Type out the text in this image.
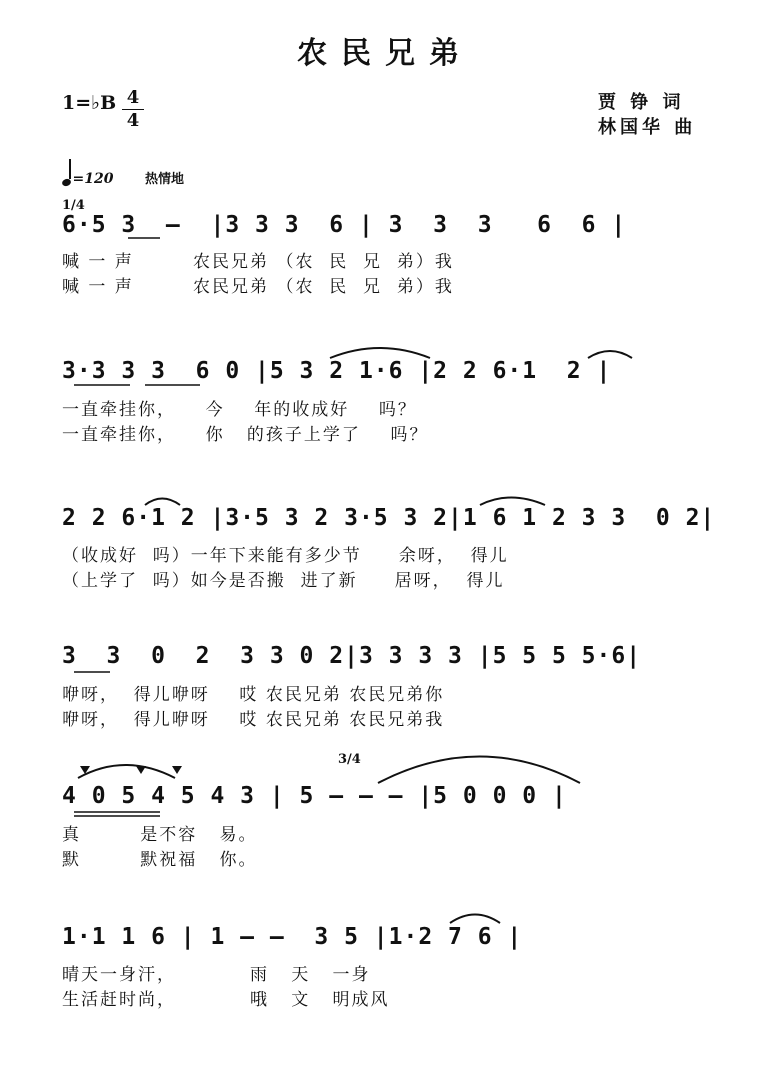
农民兄弟
1=♭B 4
4
贾 铮 词
林国华 曲
=120 热情地
6·5 3  —  |3 3 3  6 | 3  3  3   6  6 |
喊 一 声        农民兄弟 （农  民  兄  弟）我
喊 一 声        农民兄弟 （农  民  兄  弟）我
3·3 3 3  6 0 |5 3 2 1·6 |2 2 6·1  2 |
一直牵挂你，    今    年的收成好    吗？
一直牵挂你，    你   的孩子上学了    吗？
2 2 6·1 2 |3·5 3 2 3·5 3 2|1 6 1 2 3 3  0 2|
（收成好  吗）一年下来能有多少节     余呀，  得儿
（上学了  吗）如今是否搬  进了新     居呀，  得儿
3  3  0  2  3 3 0 2|3 3 3 3 |5 5 5 5·6|
咿呀，  得儿咿呀    哎 农民兄弟 农民兄弟你
咿呀，  得儿咿呀    哎 农民兄弟 农民兄弟我
4 0 5 4 5 4 3 | 5 — — — |5 0 0 0 |
真        是不容   易。
默        默祝福   你。
1·1 1 6 | 1 — —  3 5 |1·2 7 6 |
晴天一身汗，          雨   天   一身
生活赶时尚，          哦   文   明成风
1/4
3/4
